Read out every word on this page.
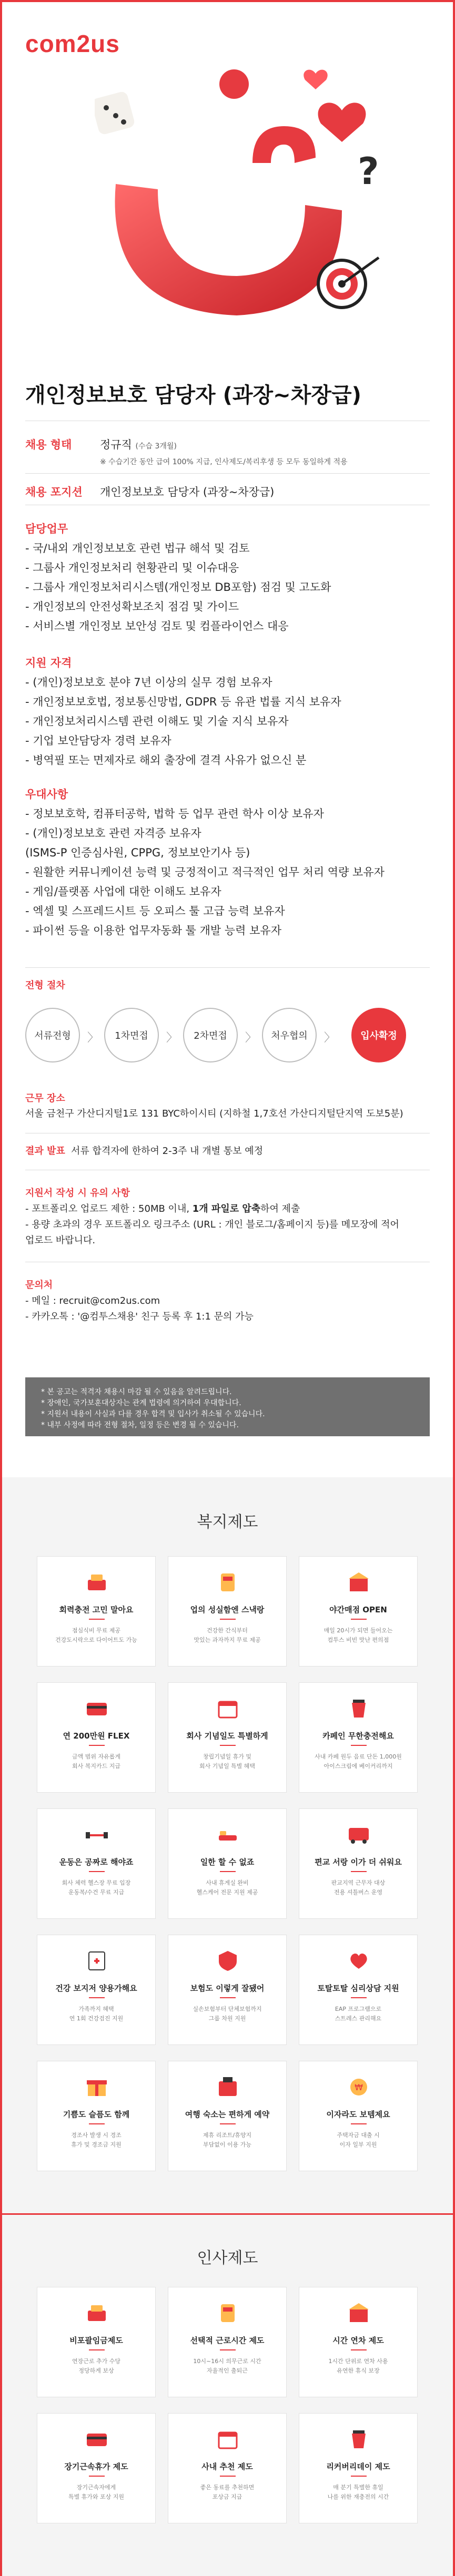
com2us
?
개인정보보호 담당자 (과장~차장급)
채용 형태	정규직 (수습 3개월)
※ 수습기간 동안 급여 100% 지급, 인사제도/복리후생 등 모두 동일하게 적용
채용 포지션 개인정보보호 담당자 (과장~차장급)
담당업무
- 국/내외 개인정보보호 관련 법규 해석 및 검토
- 그룹사 개인정보처리 현황관리 및 이슈대응
- 그룹사 개인정보처리시스템(개인정보 DB포함) 점검 및 고도화
- 개인정보의 안전성확보조치 점검 및 가이드
- 서비스별 개인정보 보안성 검토 및 컴플라이언스 대응
지원 자격
- (개인)정보보호 분야 7년 이상의 실무 경험 보유자
- 개인정보보호법, 정보통신망법, GDPR 등 유관 법률 지식 보유자
- 개인정보처리시스템 관련 이해도 및 기술 지식 보유자
- 기업 보안담당자 경력 보유자
- 병역필 또는 면제자로 해외 출장에 결격 사유가 없으신 분
우대사항
- 정보보호학, 컴퓨터공학, 법학 등 업무 관련 학사 이상 보유자
- (개인)정보보호 관련 자격증 보유자
(ISMS-P 인증심사원, CPPG, 정보보안기사 등)
- 원활한 커뮤니케이션 능력 및 긍정적이고 적극적인 업무 처리 역량 보유자
- 게임/플랫폼 사업에 대한 이해도 보유자
- 엑셀 및 스프레드시트 등 오피스 툴 고급 능력 보유자
- 파이썬 등을 이용한 업무자동화 툴 개발 능력 보유자
전형 절차
서류전형	〉	1차면접	〉	2차면접	〉	처우협의	〉	입사확정
근무 장소
서울 금천구 가산디지털1로 131 BYC하이시티 (지하철 1,7호선 가산디지털단지역 도보5분)
결과 발표 서류 합격자에 한하여 2-3주 내 개별 통보 예정
지원서 작성 시 유의 사항
- 포트폴리오 업로드 제한 : 50MB 이내, 1개 파일로 압축하여 제출
- 용량 초과의 경우 포트폴리오 링크주소 (URL : 개인 블로그/홈페이지 등)를 메모장에 적어
업로드 바랍니다.
문의처
- 메일 : recruit@com2us.com
- 카카오톡 : '@컴투스채용' 친구 등록 후 1:1 문의 가능
* 본 공고는 적격자 채용시 마감 될 수 있음을 알려드립니다.
* 장애인, 국가보훈대상자는 관계 법령에 의거하여 우대합니다.
* 지원서 내용이 사실과 다를 경우 합격 및 입사가 취소될 수 있습니다.
* 내부 사정에 따라 전형 절차, 일정 등은 변경 될 수 있습니다.
복지제도
회력충전 고민 말아요
점심식비 무료 제공
건강도시락으로 다이어트도 가능
업의 성실함엔 스낵랑
건강한 간식부터
맛있는 과자까지 무료 제공
야간매점 OPEN
매일 20시가 되면 들어오는
컴투스 비빈 맛난 편의점
연 200만원 FLEX
금액 범위 자유롭게
회사 복지카드 지급
회사 기념일도 특별하게
창립기념일 휴가 및
회사 기념일 특별 혜택
카페인 무한충전해요
사내 카페 원두 음료 단돈 1,000원
아이스크림에 베이커리까지
운동은 공짜로 해야죠
회사 체력 헬스장 무료 입장
운동복/수건 무료 지급
일한 할 수 없죠
사내 휴게실 완비
헬스케어 전문 지원 제공
편교 서랑 이가 더 쉬워요
판교지역 근무자 대상
전용 셔틀버스 운영
건강 보지저 양용가해요
가족까지 혜택
연 1회 건강검진 지원
보험도 이렇게 잘됐어
실손보험부터 단체보험까지
그룹 차원 지원
토탈토탈 심리상담 지원
EAP 프로그램으로
스트레스 관리해요
기쁨도 슬픔도 함께
경조사 발생 시 경조
휴가 및 경조금 지원
여행 숙소는 편하게 예약
제휴 리조트/휴양지
부담없이 이용 가능
₩
이자라도 보템제요
주택자금 대출 시
이자 일부 지원
인사제도
비포괄임금제도
연장근로 추가 수당
정당하게 보상
선택적 근로시간 제도
10시~16시 의무근로 시간
자율적인 출퇴근
시간 연차 제도
1시간 단위로 연차 사용
유연한 휴식 보장
장기근속휴가 제도
장기근속자에게
특별 휴가와 포상 지원
사내 추천 제도
좋은 동료를 추천하면
포상금 지급
리커버리데이 제도
매 분기 특별한 휴일
나를 위한 재충전의 시간
